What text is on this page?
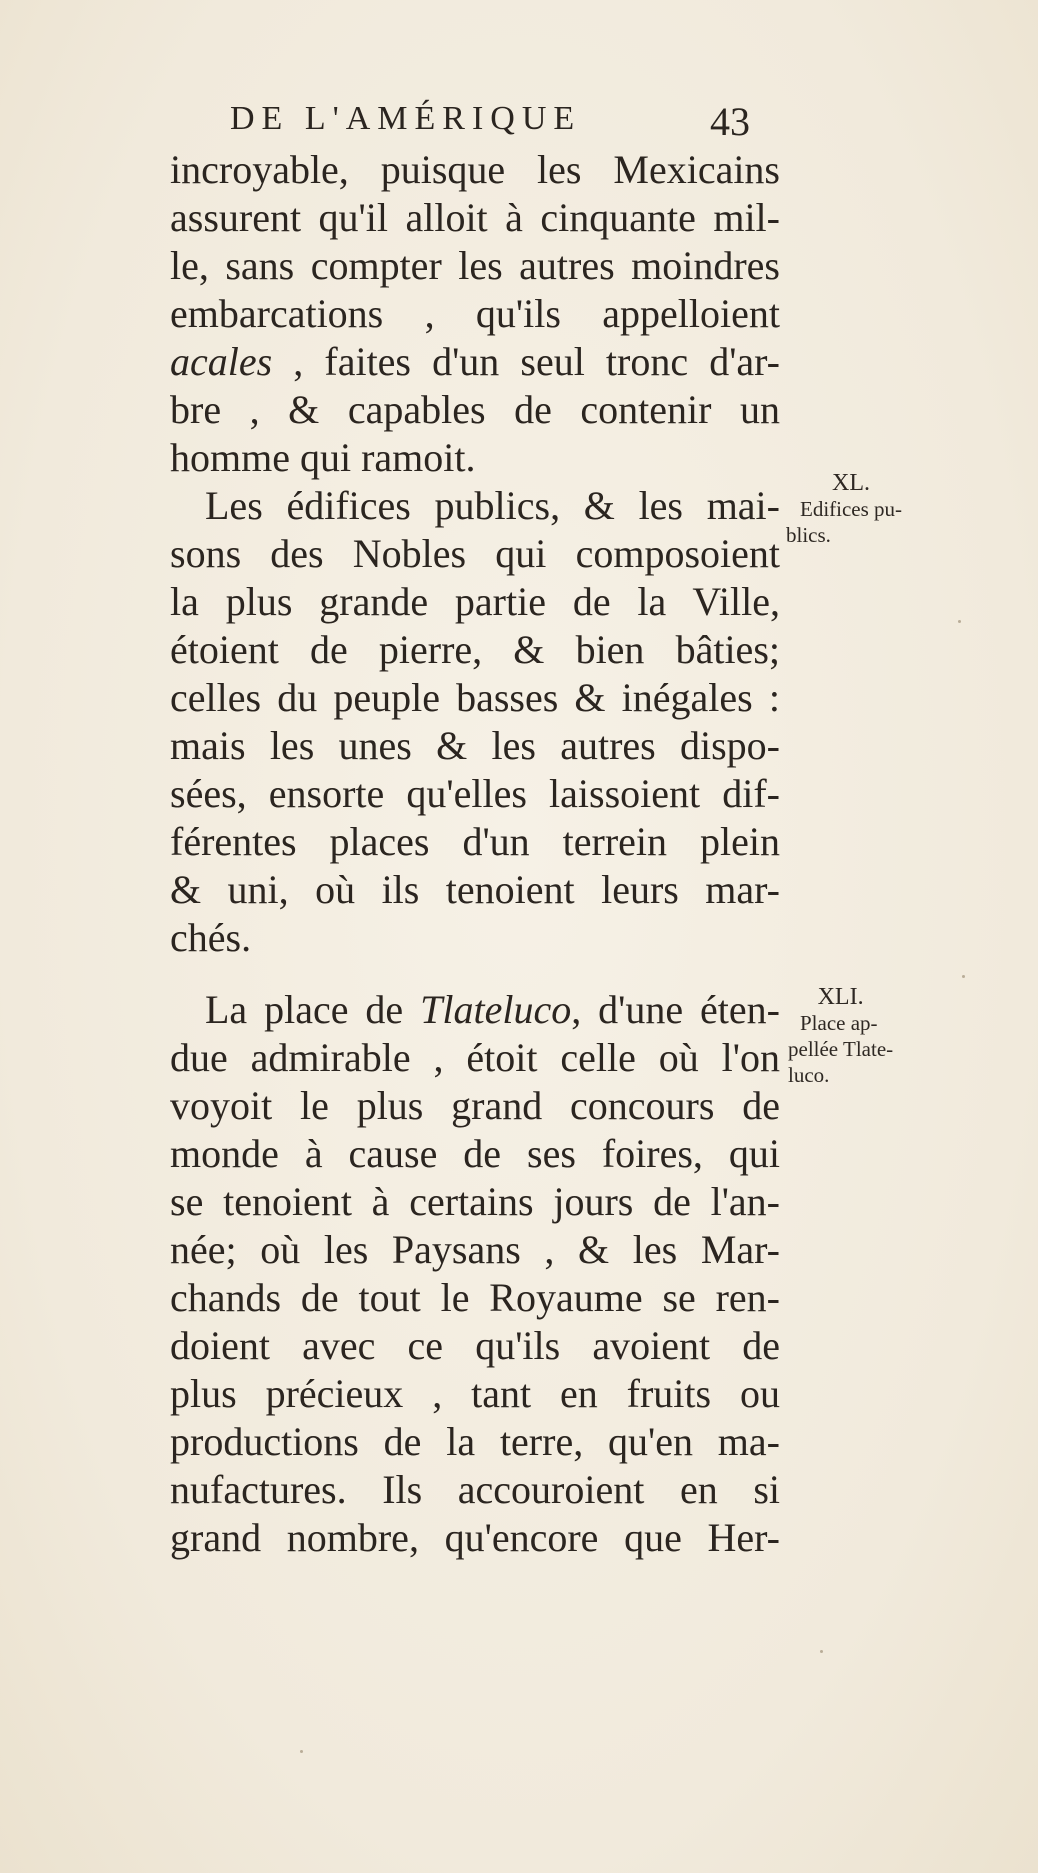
DE L'AMÉRIQUE	43
incroyable, puisque les Mexicains
assurent qu'il alloit à cinquante mil-
le, sans compter les autres moindres
embarcations , qu'ils appelloient
acales , faites d'un seul tronc d'ar-
bre , & capables de contenir un
homme qui ramoit.
Les édifices publics, & les mai-
sons des Nobles qui composoient
la plus grande partie de la Ville,
étoient de pierre, & bien bâties;
celles du peuple basses & inégales :
mais les unes & les autres dispo-
sées, ensorte qu'elles laissoient dif-
férentes places d'un terrein plein
& uni, où ils tenoient leurs mar-
chés.
La place de Tlateluco, d'une éten-
due admirable , étoit celle où l'on
voyoit le plus grand concours de
monde à cause de ses foires, qui
se tenoient à certains jours de l'an-
née; où les Paysans , & les Mar-
chands de tout le Royaume se ren-
doient avec ce qu'ils avoient de
plus précieux , tant en fruits ou
productions de la terre, qu'en ma-
nufactures. Ils accouroient en si
grand nombre, qu'encore que Her-
XL.
Edifices pu-
blics.
XLI.
Place ap-
pellée Tlate-
luco.
